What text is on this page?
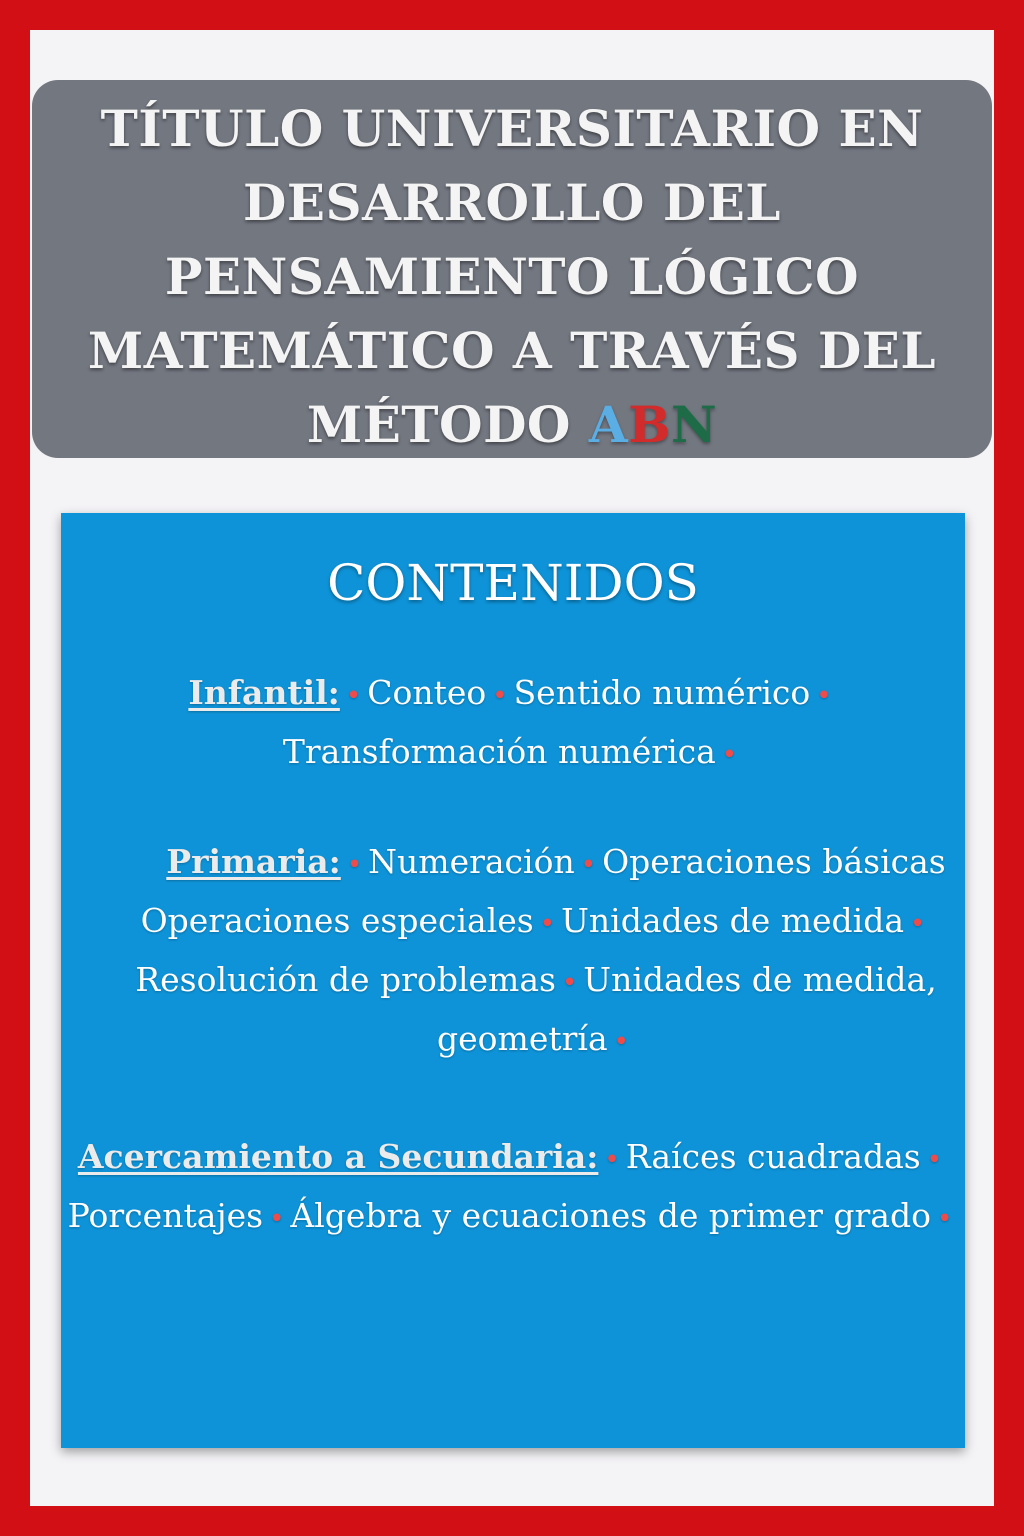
TÍTULO UNIVERSITARIO EN
DESARROLLO DEL
PENSAMIENTO LÓGICO
MATEMÁTICO A TRAVÉS DEL
MÉTODO ABN
CONTENIDOS
Infantil: • Conteo • Sentido numérico •
Transformación numérica •
Primaria: • Numeración • Operaciones básicas
Operaciones especiales • Unidades de medida •
Resolución de problemas • Unidades de medida,
geometría •
Acercamiento a Secundaria: • Raíces cuadradas •
Porcentajes • Álgebra y ecuaciones de primer grado •
